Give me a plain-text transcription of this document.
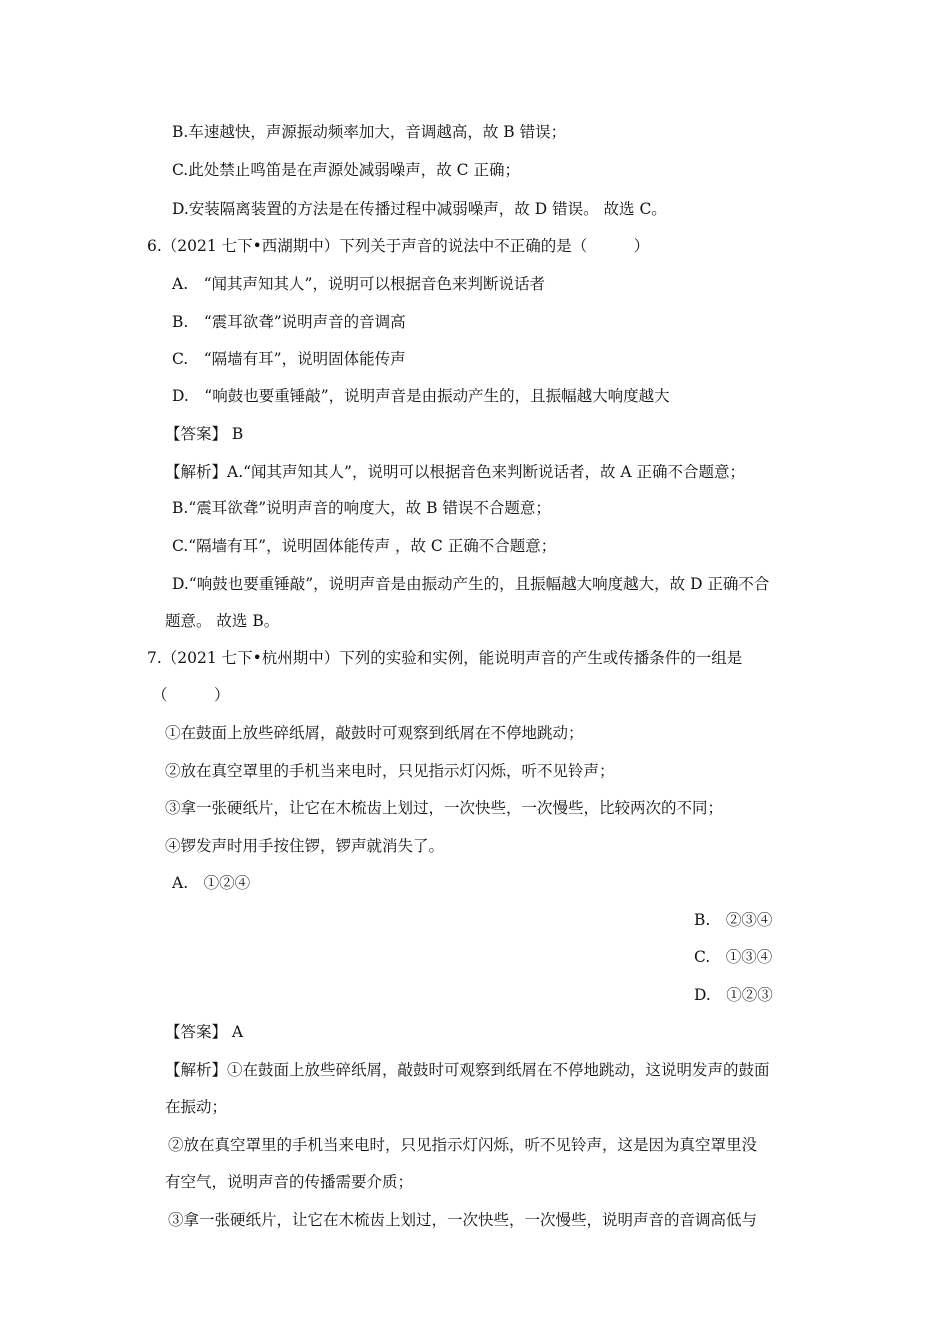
B.车速越快，声源振动频率加大，音调越高，故 B 错误；
C.此处禁止鸣笛是在声源处减弱噪声，故 C 正确；
D.安装隔离装置的方法是在传播过程中减弱噪声，故 D 错误。 故选 C。
6.（2021 七下•西湖期中）下列关于声音的说法中不正确的是（　　　）
A.　“闻其声知其人”，说明可以根据音色来判断说话者
B.　“震耳欲聋”说明声音的音调高
C.　“隔墙有耳”，说明固体能传声
D.　“响鼓也要重锤敲”，说明声音是由振动产生的，且振幅越大响度越大
【答案】 B
【解析】A.“闻其声知其人”，说明可以根据音色来判断说话者，故 A 正确不合题意；
B.“震耳欲聋”说明声音的响度大，故 B 错误不合题意；
C.“隔墙有耳”，说明固体能传声 ，故 C 正确不合题意；
D.“响鼓也要重锤敲”，说明声音是由振动产生的，且振幅越大响度越大，故 D 正确不合
题意。 故选 B。
7.（2021 七下•杭州期中）下列的实验和实例，能说明声音的产生或传播条件的一组是
（　　　）
①在鼓面上放些碎纸屑，敲鼓时可观察到纸屑在不停地跳动；
②放在真空罩里的手机当来电时，只见指示灯闪烁，听不见铃声；
③拿一张硬纸片，让它在木梳齿上划过，一次快些，一次慢些，比较两次的不同；
④锣发声时用手按住锣，锣声就消失了。
A.　①②④
B.　②③④
C.　①③④
D.　①②③
【答案】 A
【解析】①在鼓面上放些碎纸屑，敲鼓时可观察到纸屑在不停地跳动，这说明发声的鼓面
在振动；
②放在真空罩里的手机当来电时，只见指示灯闪烁，听不见铃声，这是因为真空罩里没
有空气，说明声音的传播需要介质；
③拿一张硬纸片，让它在木梳齿上划过，一次快些，一次慢些，说明声音的音调高低与
